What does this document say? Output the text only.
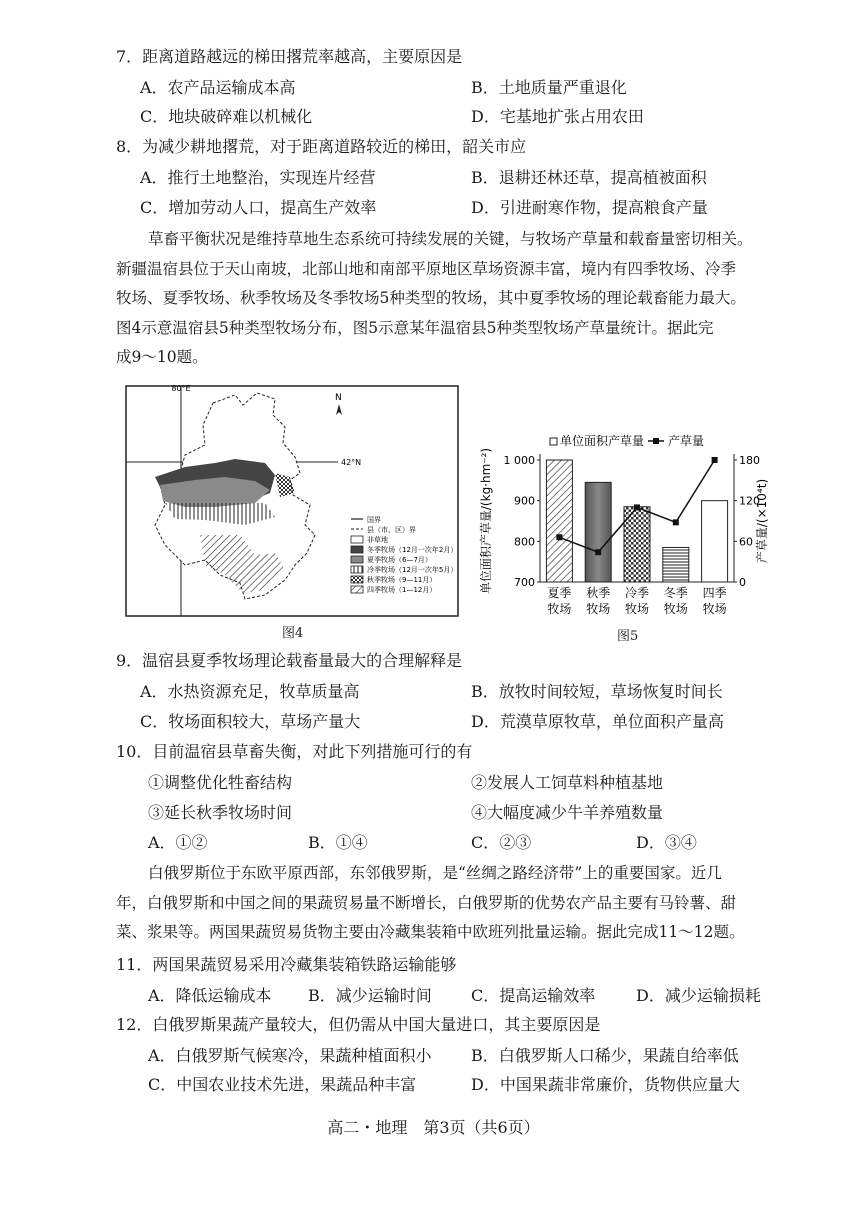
7．距离道路越远的梯田撂荒率越高，主要原因是
A．农产品运输成本高	B．土地质量严重退化
C．地块破碎难以机械化	D．宅基地扩张占用农田
8．为减少耕地撂荒，对于距离道路较近的梯田，韶关市应
A．推行土地整治，实现连片经营	B．退耕还林还草，提高植被面积
C．增加劳动人口，提高生产效率	D．引进耐寒作物，提高粮食产量

草畜平衡状况是维持草地生态系统可持续发展的关键，与牧场产草量和载畜量密切相关。

新疆温宿县位于天山南坡，北部山地和南部平原地区草场资源丰富，境内有四季牧场、冷季

牧场、夏季牧场、秋季牧场及冬季牧场5种类型的牧场，其中夏季牧场的理论载畜能力最大。

图4示意温宿县5种类型牧场分布，图5示意某年温宿县5种类型牧场产草量统计。据此完

成9～10题。

80°E
42°N
N
国界
县（市、区）界
非草地
冬季牧场（12月一次年2月）
夏季牧场（6—7月）
冷季牧场（12月一次年5月）
秋季牧场（9—11月）
四季牧场（1—12月）
图4
700
800
900
1 000
0
60
120
180
夏季
牧场
秋季
牧场
冷季
牧场
冬季
牧场
四季
牧场
单位面积产草量 产草量
单位面积产草量/(kg·hm⁻²)	产草量/(×10⁴t)
图5
9．温宿县夏季牧场理论载畜量最大的合理解释是
A．水热资源充足，牧草质量高	B．放牧时间较短，草场恢复时间长
C．牧场面积较大，草场产量大	D．荒漠草原牧草，单位面积产量高
10．目前温宿县草畜失衡，对此下列措施可行的有
①调整优化牲畜结构	②发展人工饲草料种植基地
③延长秋季牧场时间	④大幅度减少牛羊养殖数量
A．①②	B．①④	C．②③	D．③④

白俄罗斯位于东欧平原西部，东邻俄罗斯，是“丝绸之路经济带”上的重要国家。近几

年，白俄罗斯和中国之间的果蔬贸易量不断增长，白俄罗斯的优势农产品主要有马铃薯、甜

菜、浆果等。两国果蔬贸易货物主要由冷藏集装箱中欧班列批量运输。据此完成11～12题。

11．两国果蔬贸易采用冷藏集装箱铁路运输能够
A．降低运输成本 B．减少运输时间 C．提高运输效率	D．减少运输损耗
12．白俄罗斯果蔬产量较大，但仍需从中国大量进口，其主要原因是
A．白俄罗斯气候寒冷，果蔬种植面积小 B．白俄罗斯人口稀少，果蔬自给率低
C．中国农业技术先进，果蔬品种丰富	D．中国果蔬非常廉价，货物供应量大
高二・地理　第3页（共6页）
